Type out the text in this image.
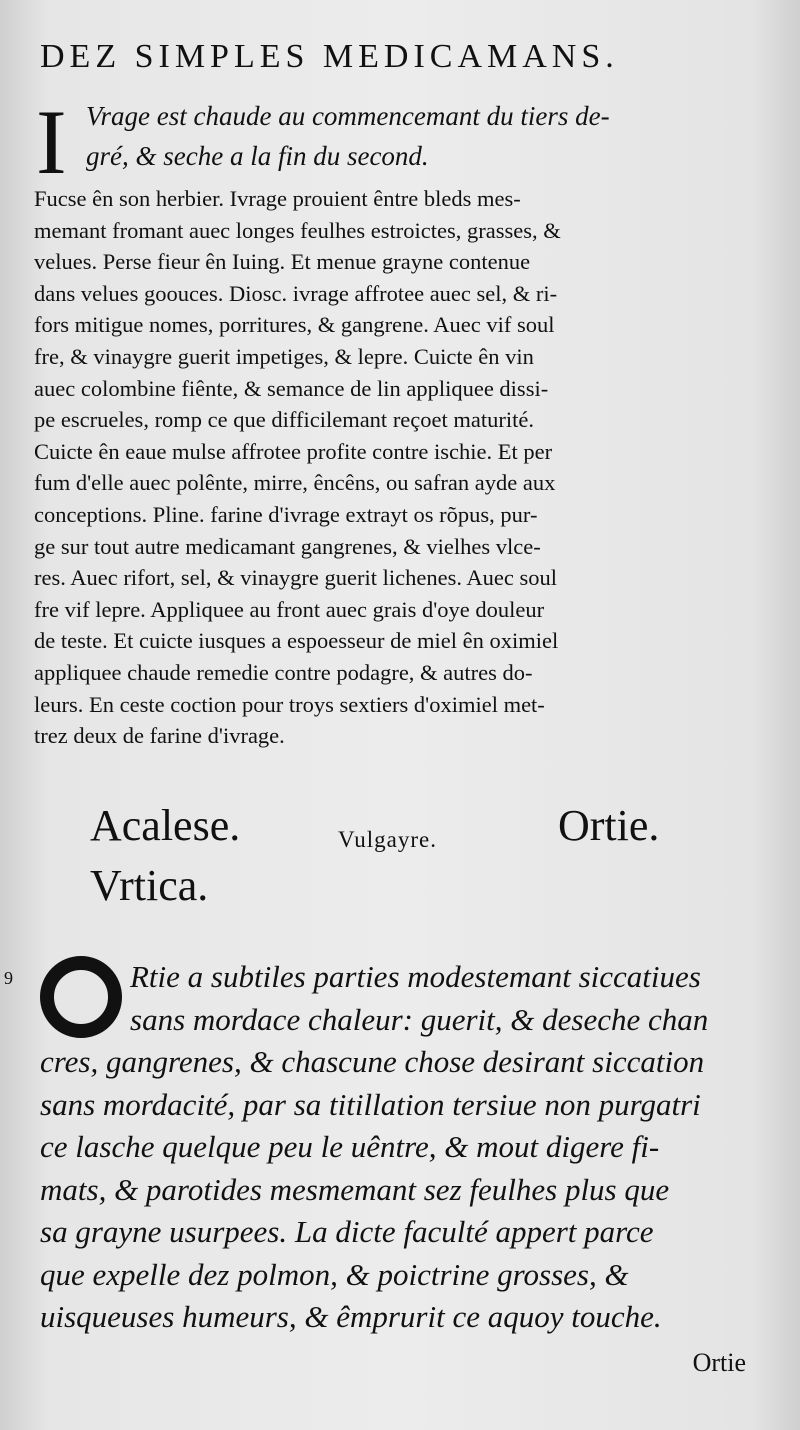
DEZ SIMPLES MEDICAMANS.
I Vrage est chaude au commencemant du tiers de-
gré, & seche a la fin du second.
Fucse ên son herbier. Ivrage prouient êntre bleds mes-
memant fromant auec longes feulhes estroictes, grasses, &
velues. Perse fieur ên Iuing. Et menue grayne contenue
dans velues goouces. Diosc. ivrage affrotee auec sel, & ri-
fors mitigue nomes, porritures, & gangrene. Auec vif soul
fre, & vinaygre guerit impetiges, & lepre. Cuicte ên vin
auec colombine fiênte, & semance de lin appliquee dissi-
pe escrueles, romp ce que difficilemant reçoet maturité.
Cuicte ên eaue mulse affrotee profite contre ischie. Et per
fum d'elle auec polênte, mirre, êncêns, ou safran ayde aux
conceptions. Pline. farine d'ivrage extrayt os rõpus, pur-
ge sur tout autre medicamant gangrenes, & vielhes vlce-
res. Auec rifort, sel, & vinaygre guerit lichenes. Auec soul
fre vif lepre. Appliquee au front auec grais d'oye douleur
de teste. Et cuicte iusques a espoesseur de miel ên oximiel
appliquee chaude remedie contre podagre, & autres do-
leurs. En ceste coction pour troys sextiers d'oximiel met-
trez deux de farine d'ivrage.
Acalese.	Vulgayre.	Ortie.
Vrtica.
9	Rtie a subtiles parties modestemant siccatiues
sans mordace chaleur: guerit, & deseche chan
cres, gangrenes, & chascune chose desirant siccation
sans mordacité, par sa titillation tersiue non purgatri
ce lasche quelque peu le uêntre, & mout digere fi-
mats, & parotides mesmemant sez feulhes plus que
sa grayne usurpees. La dicte faculté appert parce
que expelle dez polmon, & poictrine grosses, &
uisqueuses humeurs, & êmprurit ce aquoy touche.
Ortie
